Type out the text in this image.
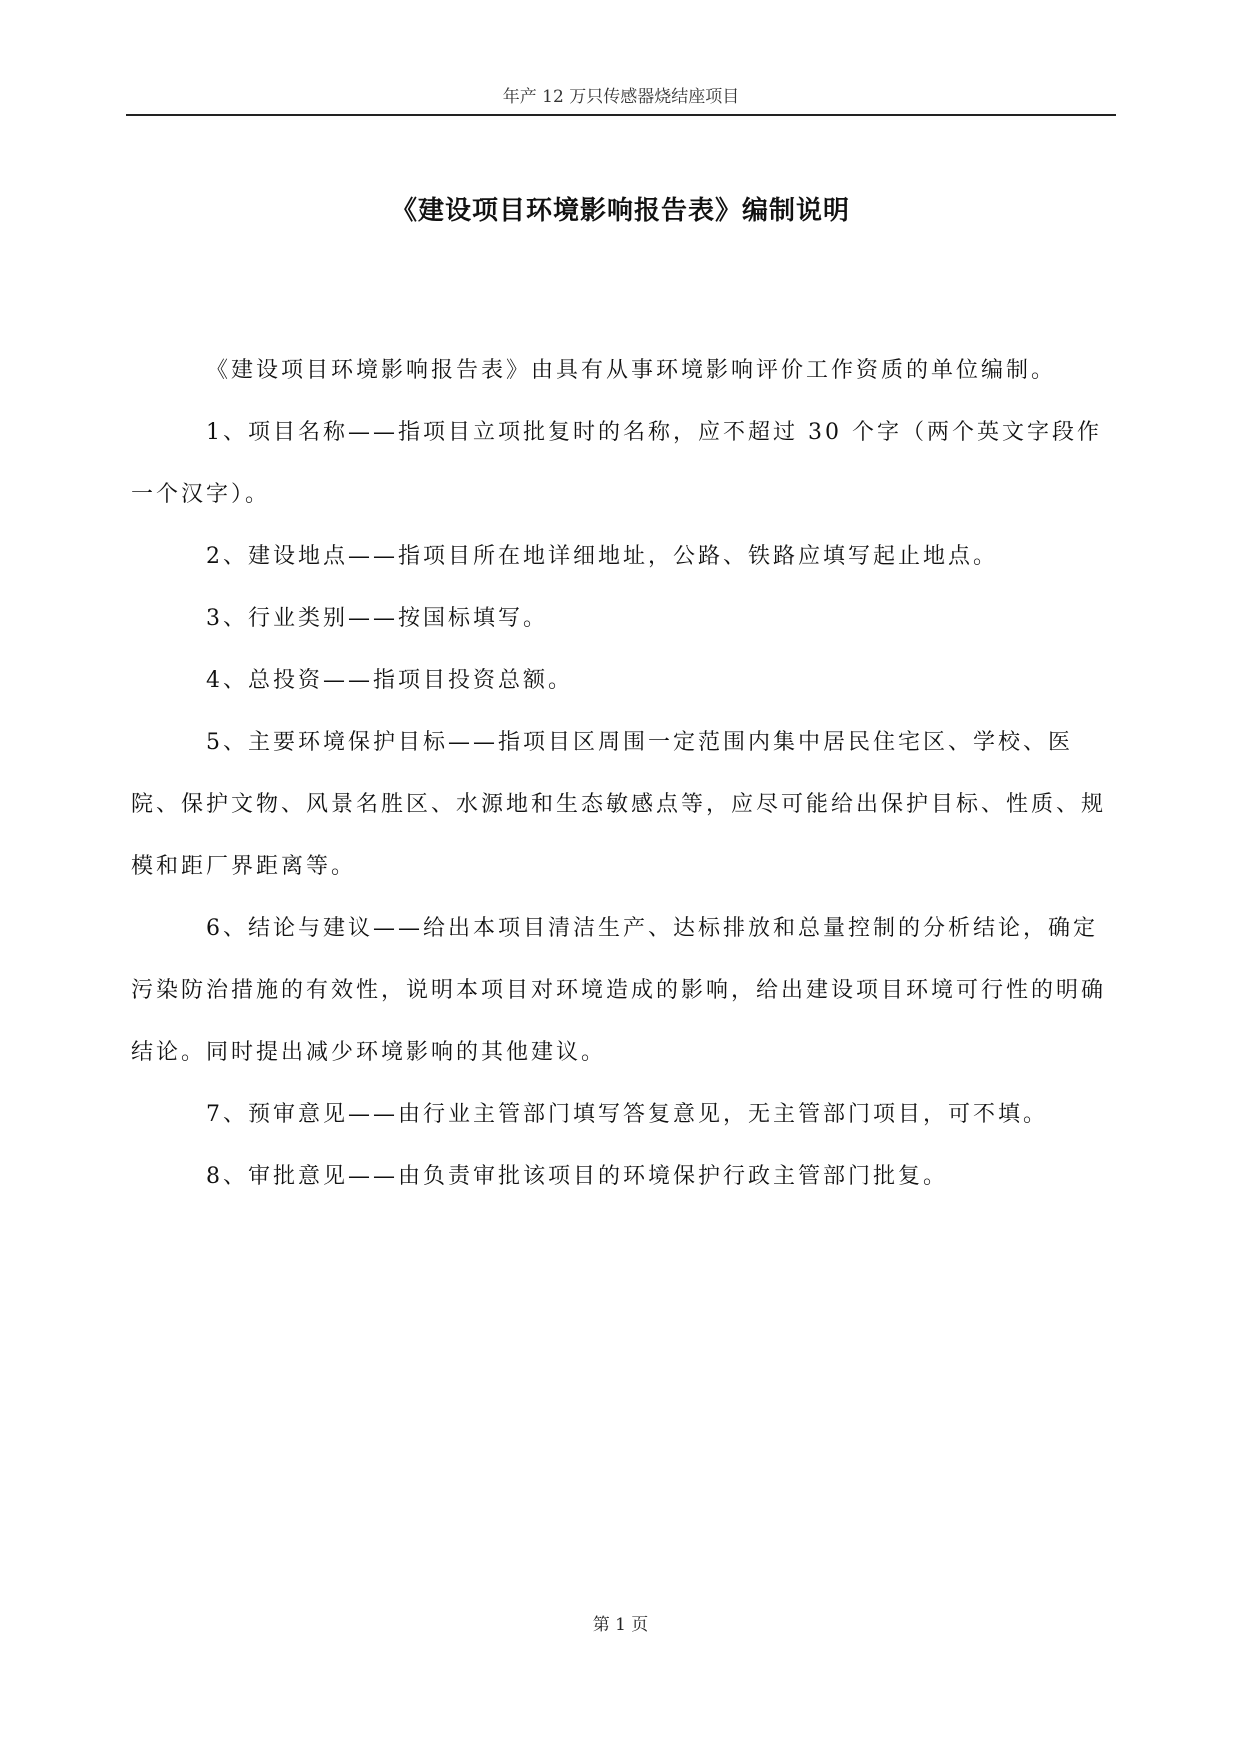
年产 12 万只传感器烧结座项目
《建设项目环境影响报告表》编制说明

《建设项目环境影响报告表》由具有从事环境影响评价工作资质的单位编制。

1、项目名称——指项目立项批复时的名称，应不超过 30 个字（两个英文字段作一个汉字）。

2、建设地点——指项目所在地详细地址，公路、铁路应填写起止地点。

3、行业类别——按国标填写。

4、总投资——指项目投资总额。

5、主要环境保护目标——指项目区周围一定范围内集中居民住宅区、学校、医院、保护文物、风景名胜区、水源地和生态敏感点等，应尽可能给出保护目标、性质、规模和距厂界距离等。

6、结论与建议——给出本项目清洁生产、达标排放和总量控制的分析结论，确定污染防治措施的有效性，说明本项目对环境造成的影响，给出建设项目环境可行性的明确结论。同时提出减少环境影响的其他建议。

7、预审意见——由行业主管部门填写答复意见，无主管部门项目，可不填。

8、审批意见——由负责审批该项目的环境保护行政主管部门批复。

第 1 页
